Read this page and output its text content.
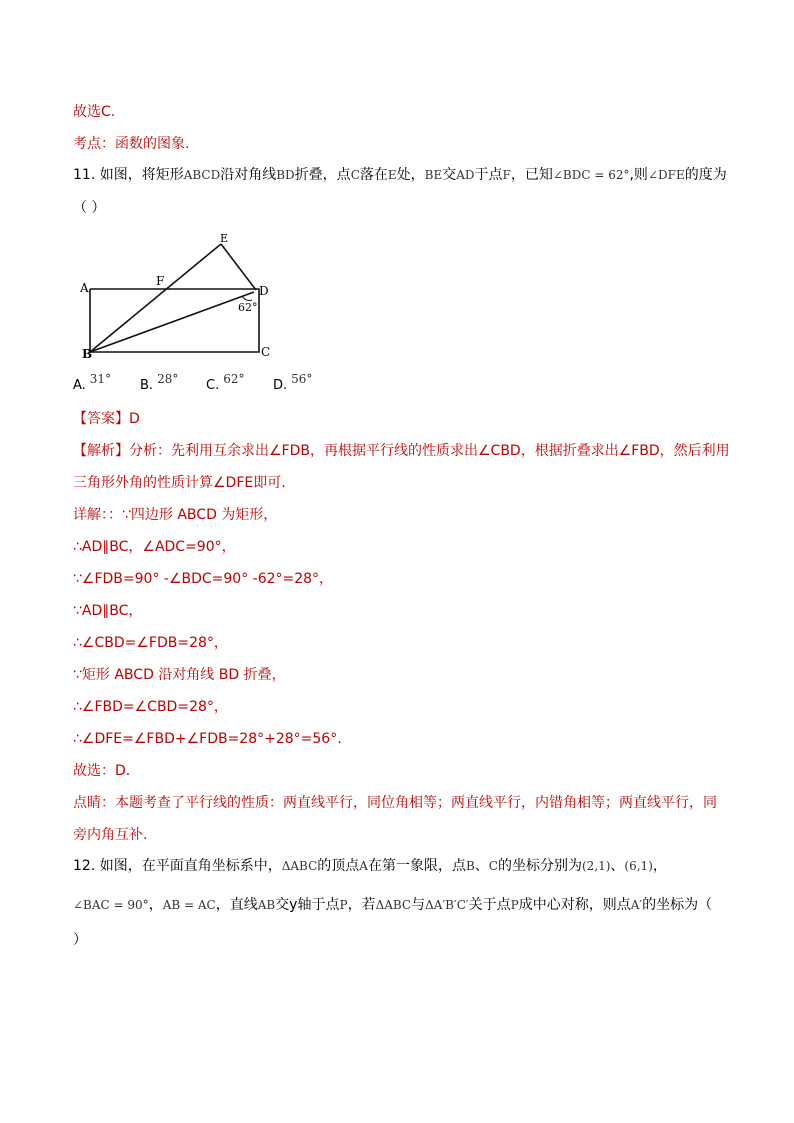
故选C.
考点：函数的图象.
11. 如图，将矩形ABCD沿对角线BD折叠，点C落在E处，BE交AD于点F，已知∠BDC = 62°,则∠DFE的度为
（ ）
A
B	C
D
E
F
62°
A. 31° B. 28° C. 62° D. 56°
【答案】D
【解析】分析：先利用互余求出∠FDB，再根据平行线的性质求出∠CBD，根据折叠求出∠FBD，然后利用
三角形外角的性质计算∠DFE即可.
详解：：∵四边形 ABCD 为矩形，
∴AD∥BC，∠ADC=90°，
∵∠FDB=90° -∠BDC=90° -62°=28°，
∵AD∥BC，
∴∠CBD=∠FDB=28°，
∵矩形 ABCD 沿对角线 BD 折叠，
∴∠FBD=∠CBD=28°，
∴∠DFE=∠FBD+∠FDB=28°+28°=56°.
故选：D.
点睛：本题考查了平行线的性质：两直线平行，同位角相等；两直线平行，内错角相等；两直线平行，同
旁内角互补.
12. 如图，在平面直角坐标系中，ΔABC的顶点A在第一象限，点B、C的坐标分别为(2,1)、(6,1)，
∠BAC = 90°，AB = AC，直线AB交y轴于点P，若ΔABC与ΔA′B′C′关于点P成中心对称，则点A′的坐标为（
）
